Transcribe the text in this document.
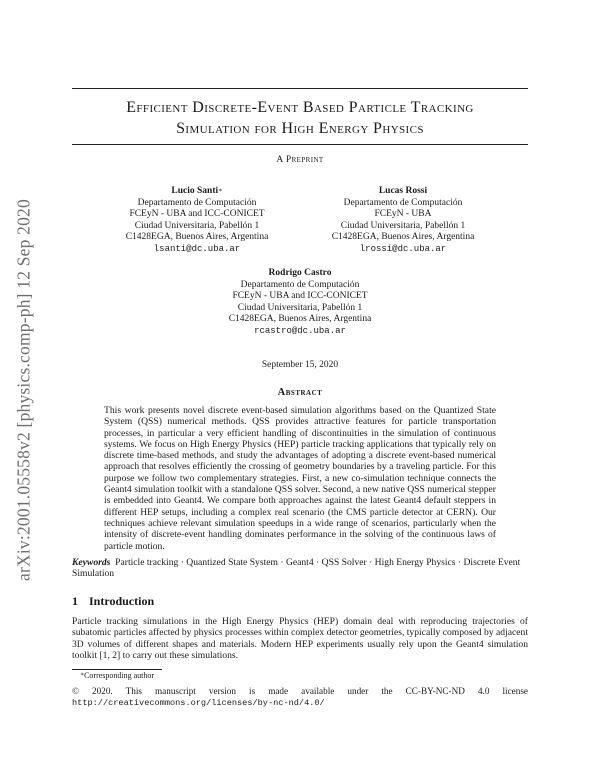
arXiv:2001.05558v2 [physics.comp-ph] 12 Sep 2020
Efficient Discrete-Event Based Particle Tracking
Simulation for High Energy Physics
A Preprint
Lucio Santi∗
Departamento de Computación
FCEyN - UBA and ICC-CONICET
Ciudad Universitaria, Pabellón 1
C1428EGA, Buenos Aires, Argentina
lsanti@dc.uba.ar
Lucas Rossi
Departamento de Computación
FCEyN - UBA
Ciudad Universitaria, Pabellón 1
C1428EGA, Buenos Aires, Argentina
lrossi@dc.uba.ar
Rodrigo Castro
Departamento de Computación
FCEyN - UBA and ICC-CONICET
Ciudad Universitaria, Pabellón 1
C1428EGA, Buenos Aires, Argentina
rcastro@dc.uba.ar
September 15, 2020
Abstract
This work presents novel discrete event-based simulation algorithms based on the Quantized State System (QSS) numerical methods. QSS provides attractive features for particle transportation processes, in particular a very efficient handling of discontinuities in the simulation of continuous systems. We focus on High Energy Physics (HEP) particle tracking applications that typically rely on discrete time-based methods, and study the advantages of adopting a discrete event-based numerical approach that resolves efficiently the crossing of geometry boundaries by a traveling particle. For this purpose we follow two complementary strategies. First, a new co-simulation technique connects the Geant4 simulation toolkit with a standalone QSS solver. Second, a new native QSS numerical stepper is embedded into Geant4. We compare both approaches against the latest Geant4 default steppers in different HEP setups, including a complex real scenario (the CMS particle detector at CERN). Our techniques achieve relevant simulation speedups in a wide range of scenarios, particularly when the intensity of discrete-event handling dominates performance in the solving of the continuous laws of particle motion.
Keywords Particle tracking · Quantized State System · Geant4 · QSS Solver · High Energy Physics · Discrete Event Simulation
1 Introduction
Particle tracking simulations in the High Energy Physics (HEP) domain deal with reproducing trajectories of subatomic particles affected by physics processes within complex detector geometries, typically composed by adjacent 3D volumes of different shapes and materials. Modern HEP experiments usually rely upon the Geant4 simulation toolkit [1, 2] to carry out these simulations.
∗Corresponding author
© 2020. This manuscript version is made available under the CC-BY-NC-ND 4.0 license http://creativecommons.org/licenses/by-nc-nd/4.0/
